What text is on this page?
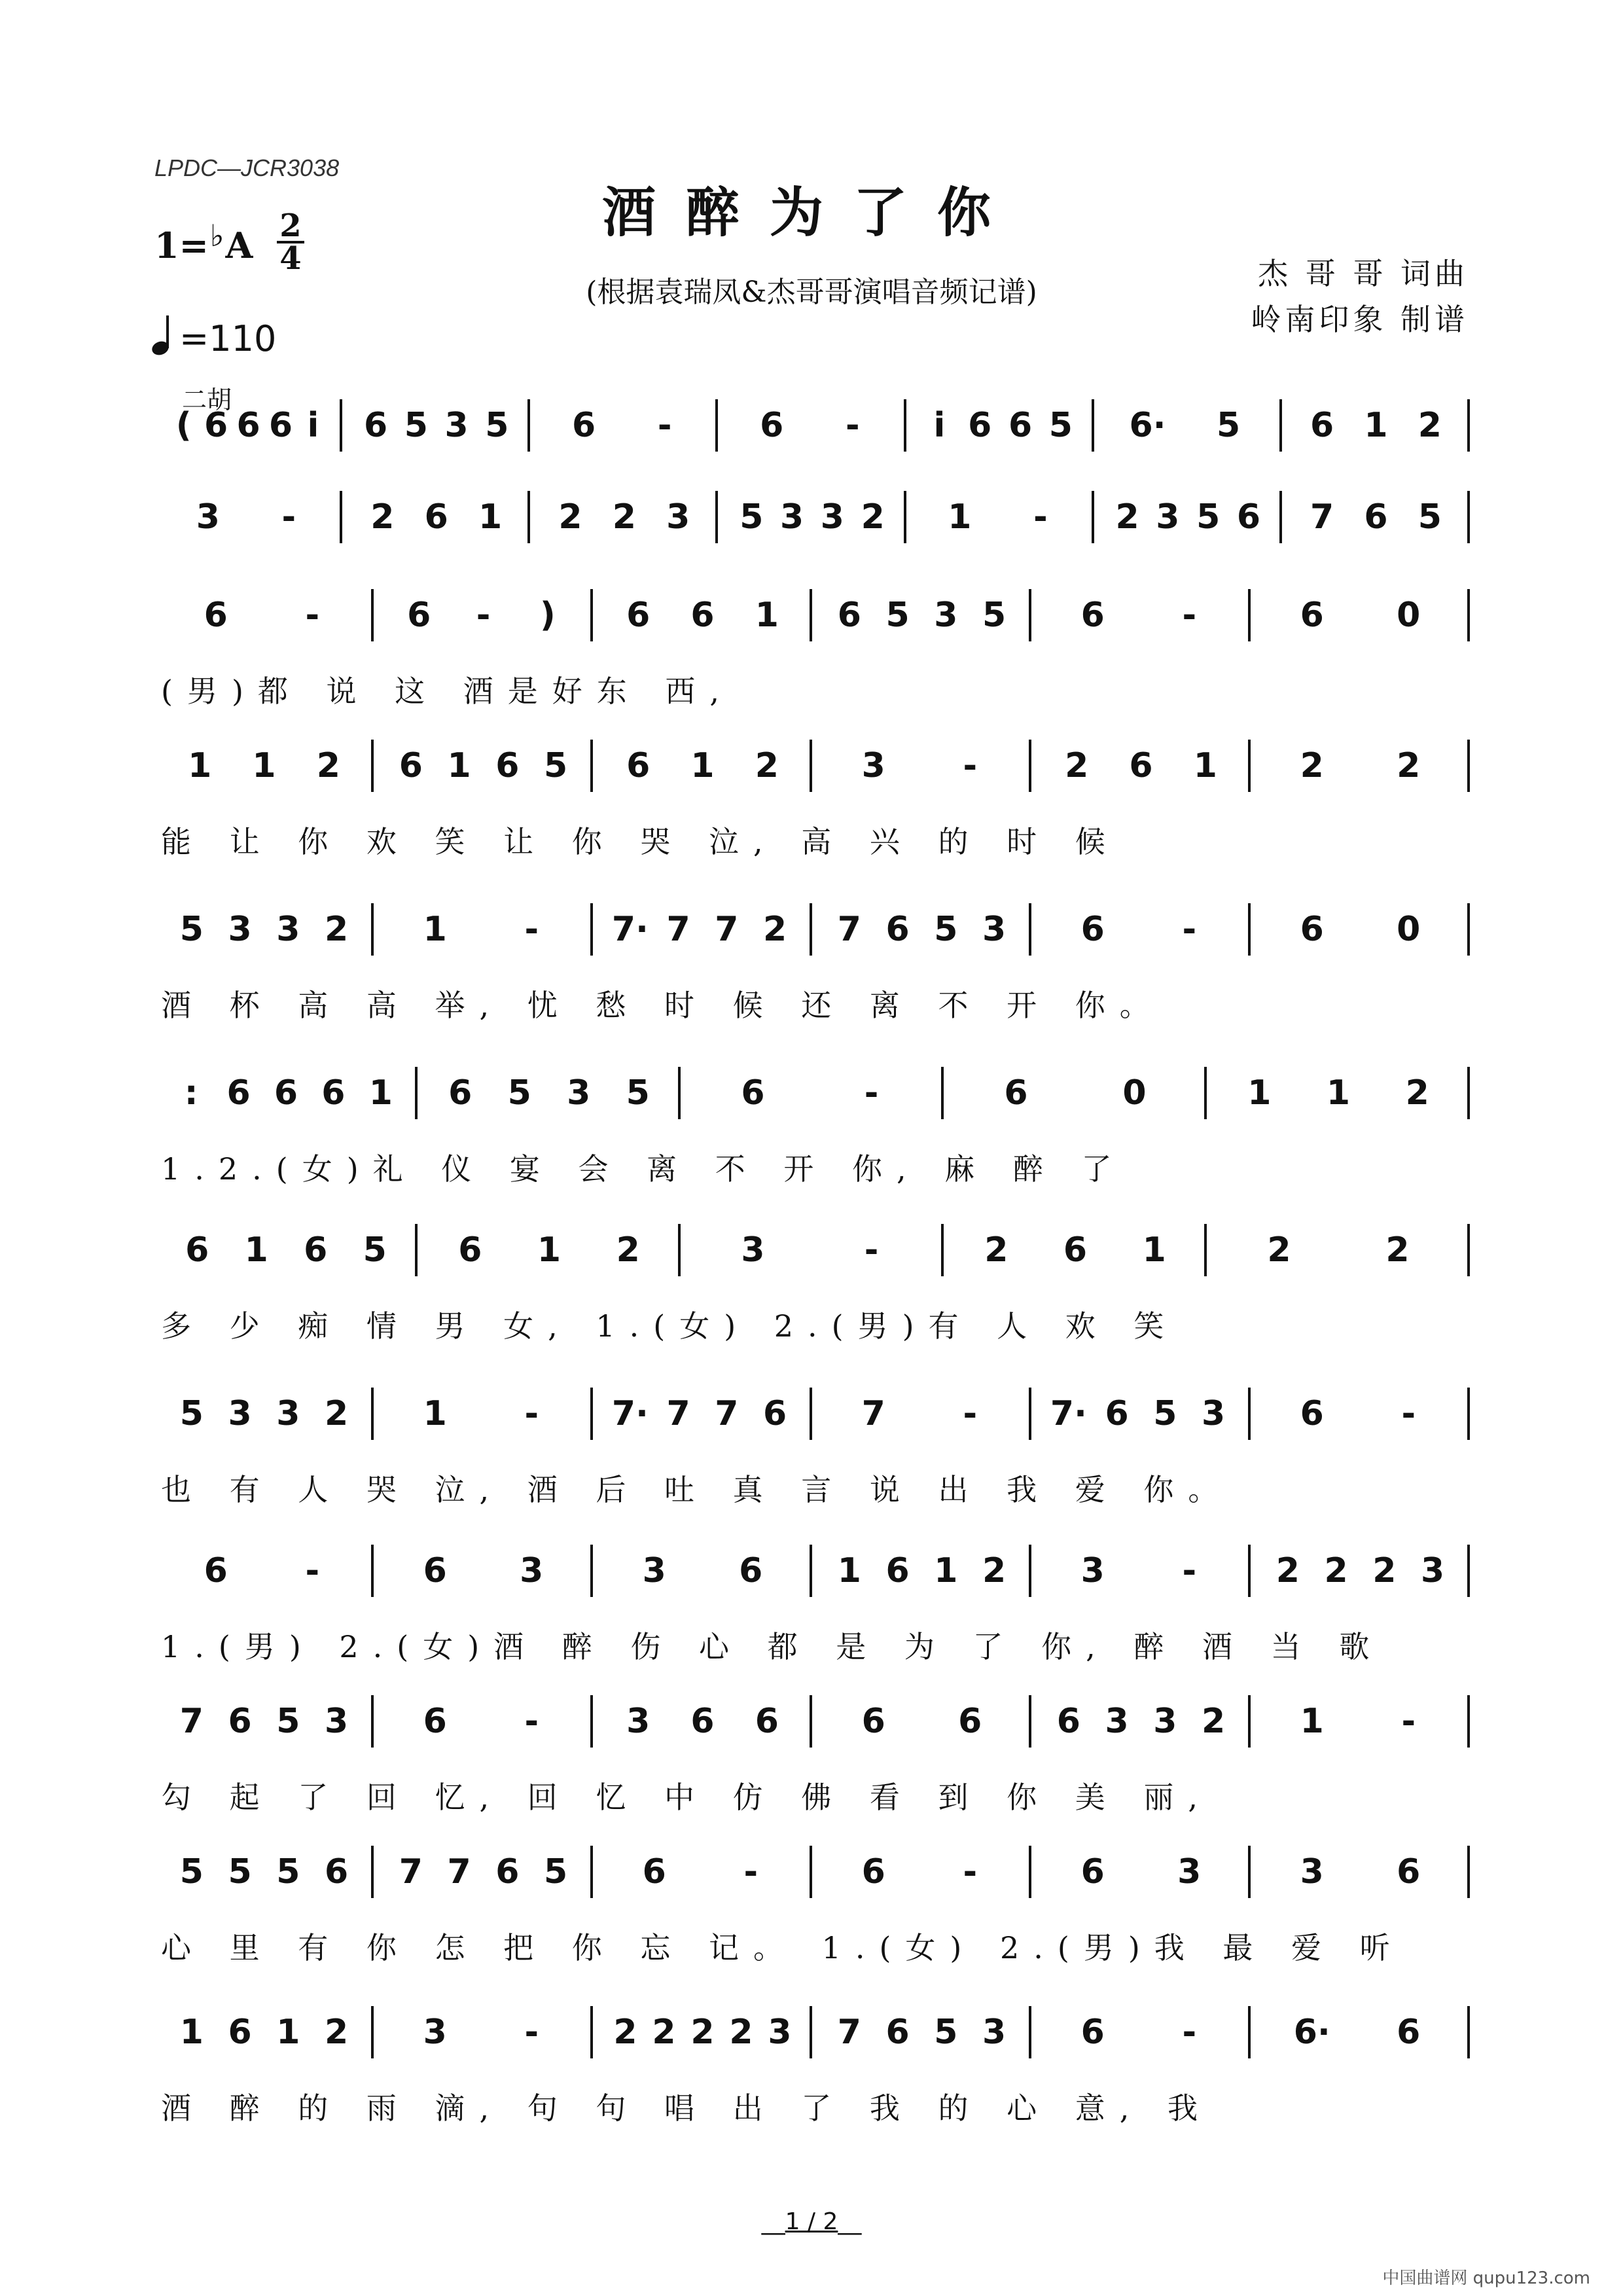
LPDC—JCR3038
酒醉为了你
(根据袁瑞凤&杰哥哥演唱音频记谱)
杰 哥 哥 词曲
岭南印象 制谱
1=♭A $\frac{2}{4}$
=110
二胡
( 6 6 6 i	6 5 3 5	6	-	6	-	i 6 6 5	6·	5	6 1 2
3	-	2 6 1	2 2 3	5 3 3 2	1	-	2 3 5 6	7 6 5
6	-	6	-	)	6	6	1	6 5 3 5	6	-	6	0
(男)都 说 这 酒是好东 西,
1	1	2	6 1 6 5	6	1	2	3	-	2	6	1	2	2
能 让 你 欢 笑 让 你 哭 泣, 高 兴 的 时 候
5 3 3 2	1	-	7· 7 7 2	7 6 5 3	6	-	6	0
酒 杯 高 高 举, 忧 愁 时 候 还 离 不 开 你。
: 6 6 6 1	6	5	3	5	6	-	6	0	1	1	2
1.2.(女)礼 仪 宴 会 离 不 开 你, 麻 醉 了
6	1	6	5	6	1	2	3	-	2	6	1	2	2
多 少 痴 情 男 女, 1.(女) 2.(男)有 人 欢 笑
5 3 3 2	1	-	7· 7 7 6	7	-	7· 6 5 3	6	-
也 有 人 哭 泣, 酒 后 吐 真 言 说 出 我 爱 你。
6	-	6	3	3	6	1 6 1 2	3	-	2 2 2 3
1.(男) 2.(女)酒 醉 伤 心 都 是 为 了 你, 醉 酒 当 歌
7 6 5 3	6	-	3	6	6	6	6	6 3 3 2	1	-
勾 起 了 回 忆, 回 忆 中 仿 佛 看 到 你 美 丽,
5 5 5 6	7 7 6 5	6	-	6	-	6	3	3	6
心 里 有 你 怎 把 你 忘 记。 1.(女) 2.(男)我 最 爱 听
1 6 1 2	3	-	2 2 2 2 3	7 6 5 3	6	-	6·	6
酒 醉 的 雨 滴, 句 句 唱 出 了 我 的 心 意, 我
__1 / 2__
中国曲谱网 qupu123.com
